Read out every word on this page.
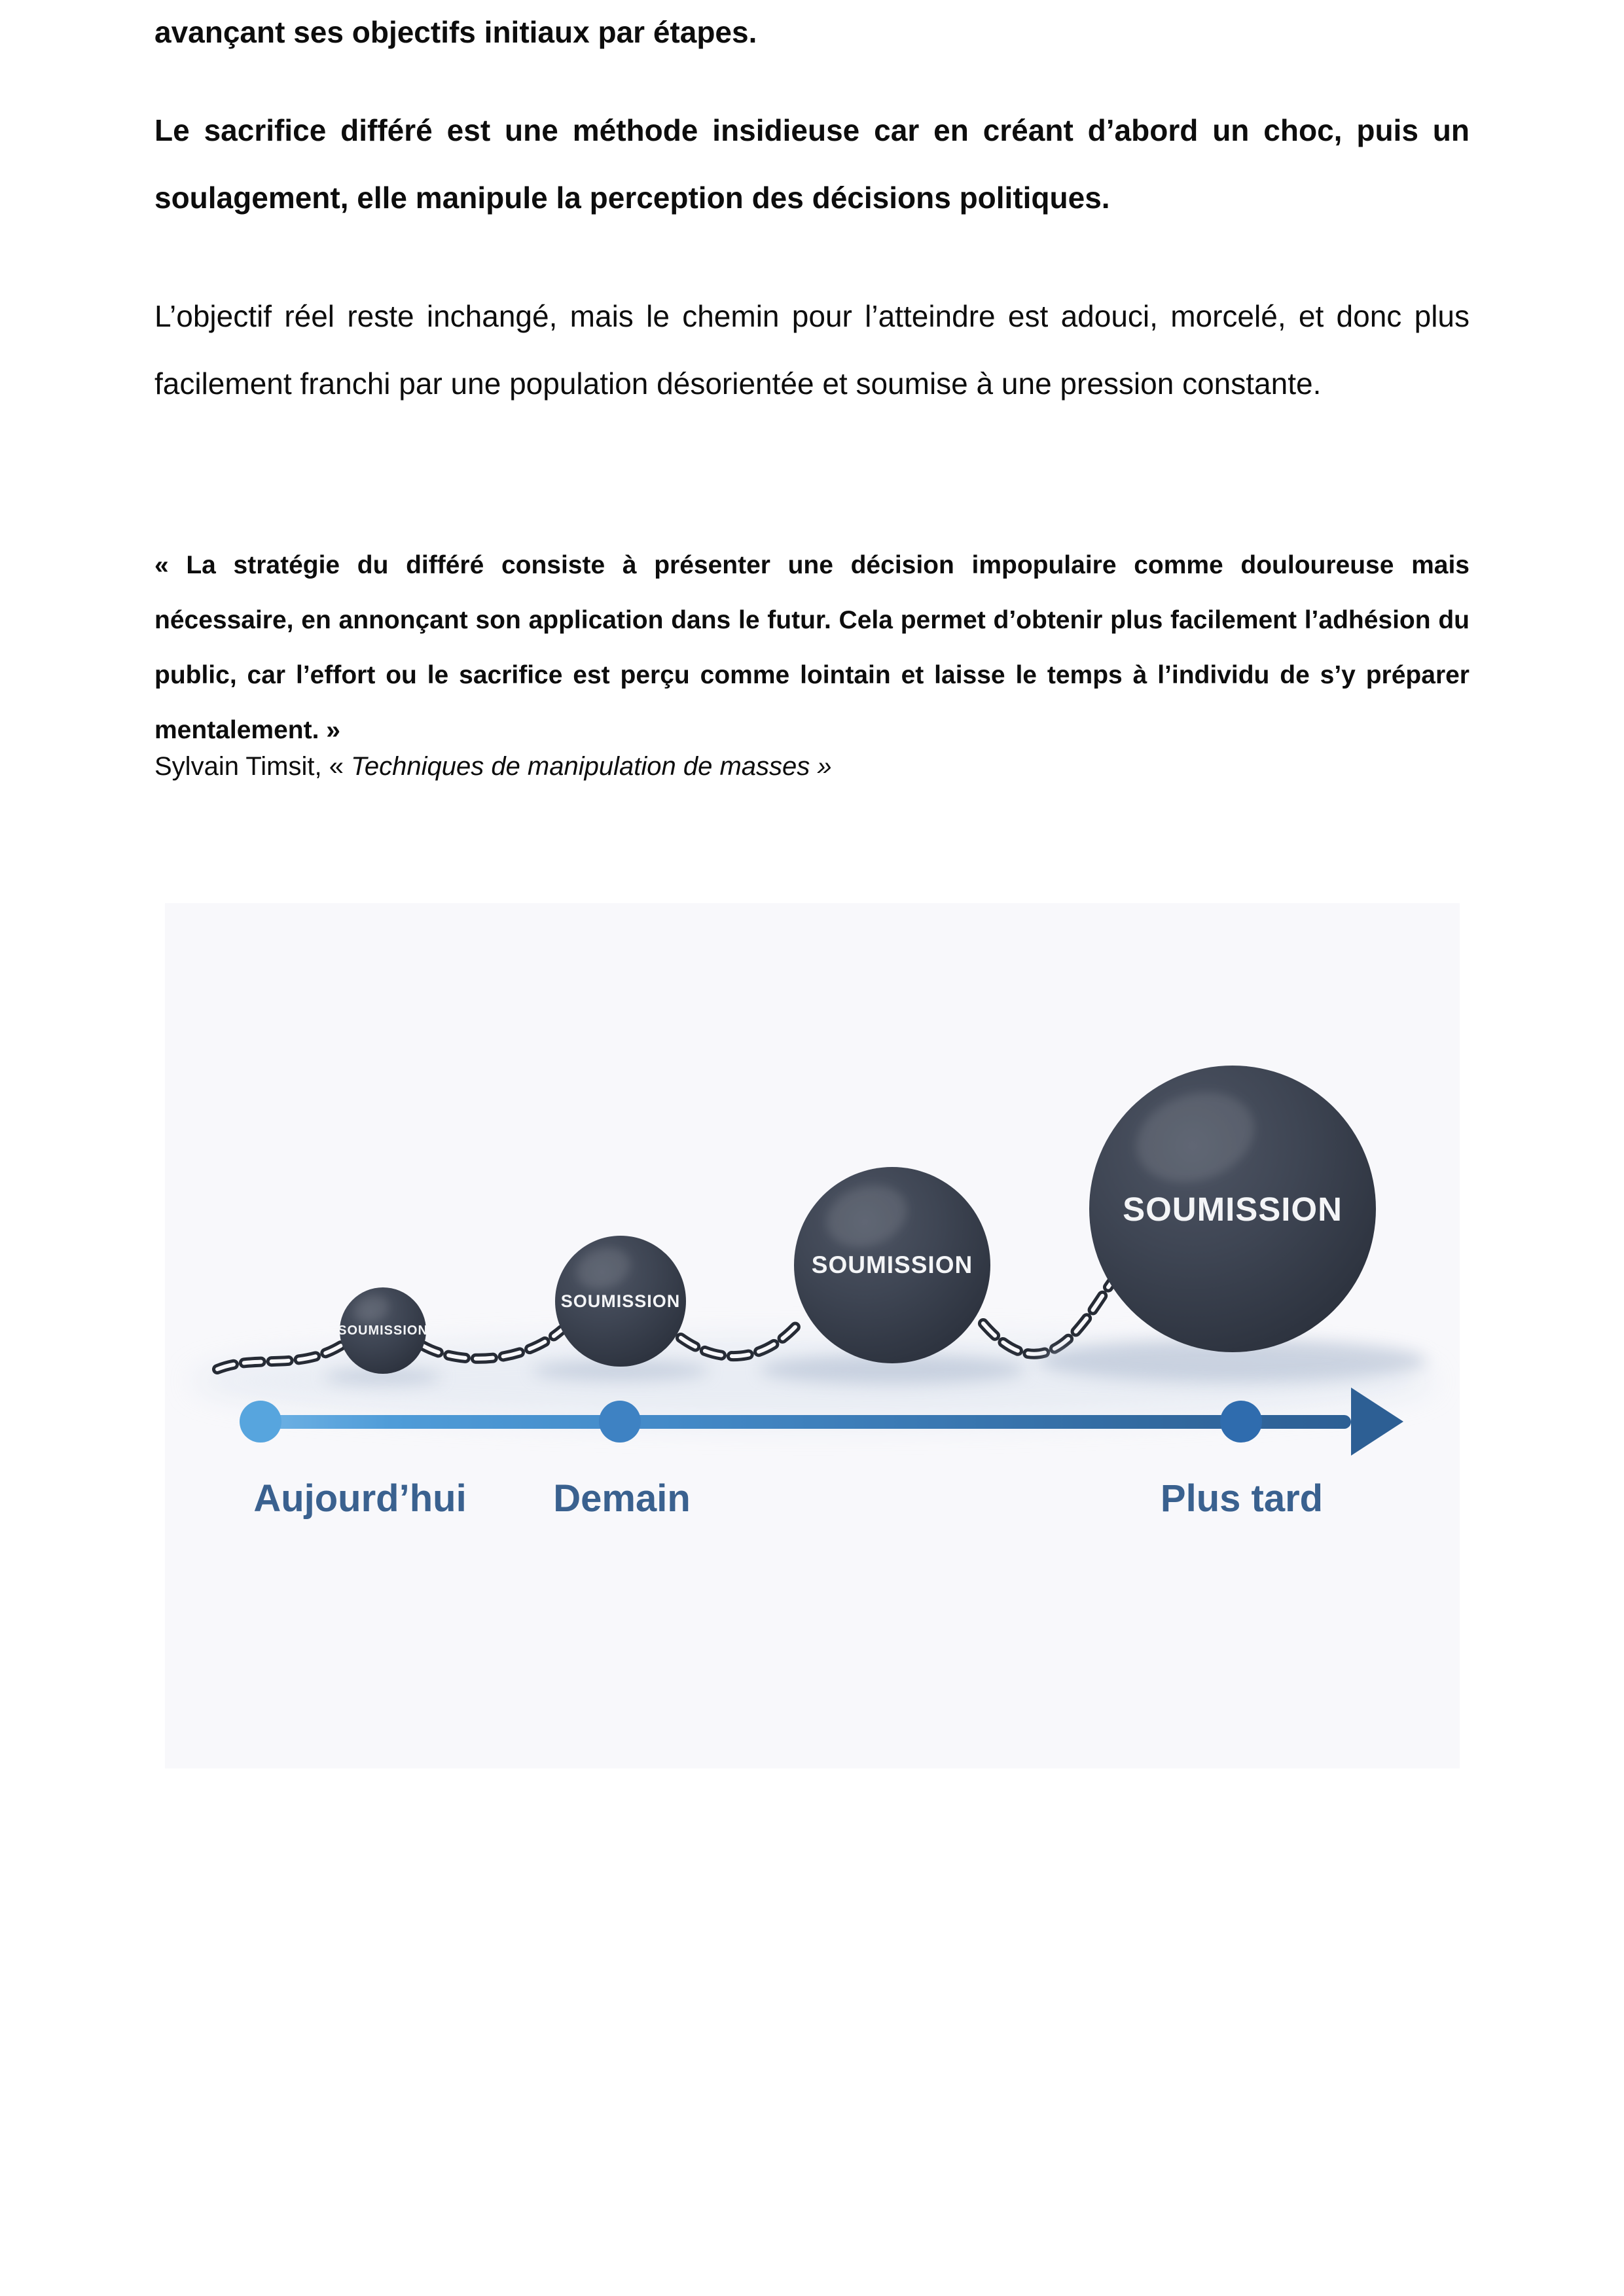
avançant ses objectifs initiaux par étapes.

Le sacrifice différé est une méthode insidieuse car en créant d’abord un choc, puis un soulagement, elle manipule la perception des décisions politiques.

L’objectif réel reste inchangé, mais le chemin pour l’atteindre est adouci, morcelé, et donc plus facilement franchi par une population désorientée et soumise à une pression constante.

« La stratégie du différé consiste à présenter une décision impopulaire comme douloureuse mais nécessaire, en annonçant son application dans le futur. Cela permet d’obtenir plus facilement l’adhésion du public, car l’effort ou le sacrifice est perçu comme lointain et laisse le temps à l’individu de s’y préparer mentalement. »

Sylvain Timsit, « Techniques de manipulation de masses »

SOUMISSION
SOUMISSION
SOUMISSION
SOUMISSION
Aujourd’hui Demain	Plus tard
